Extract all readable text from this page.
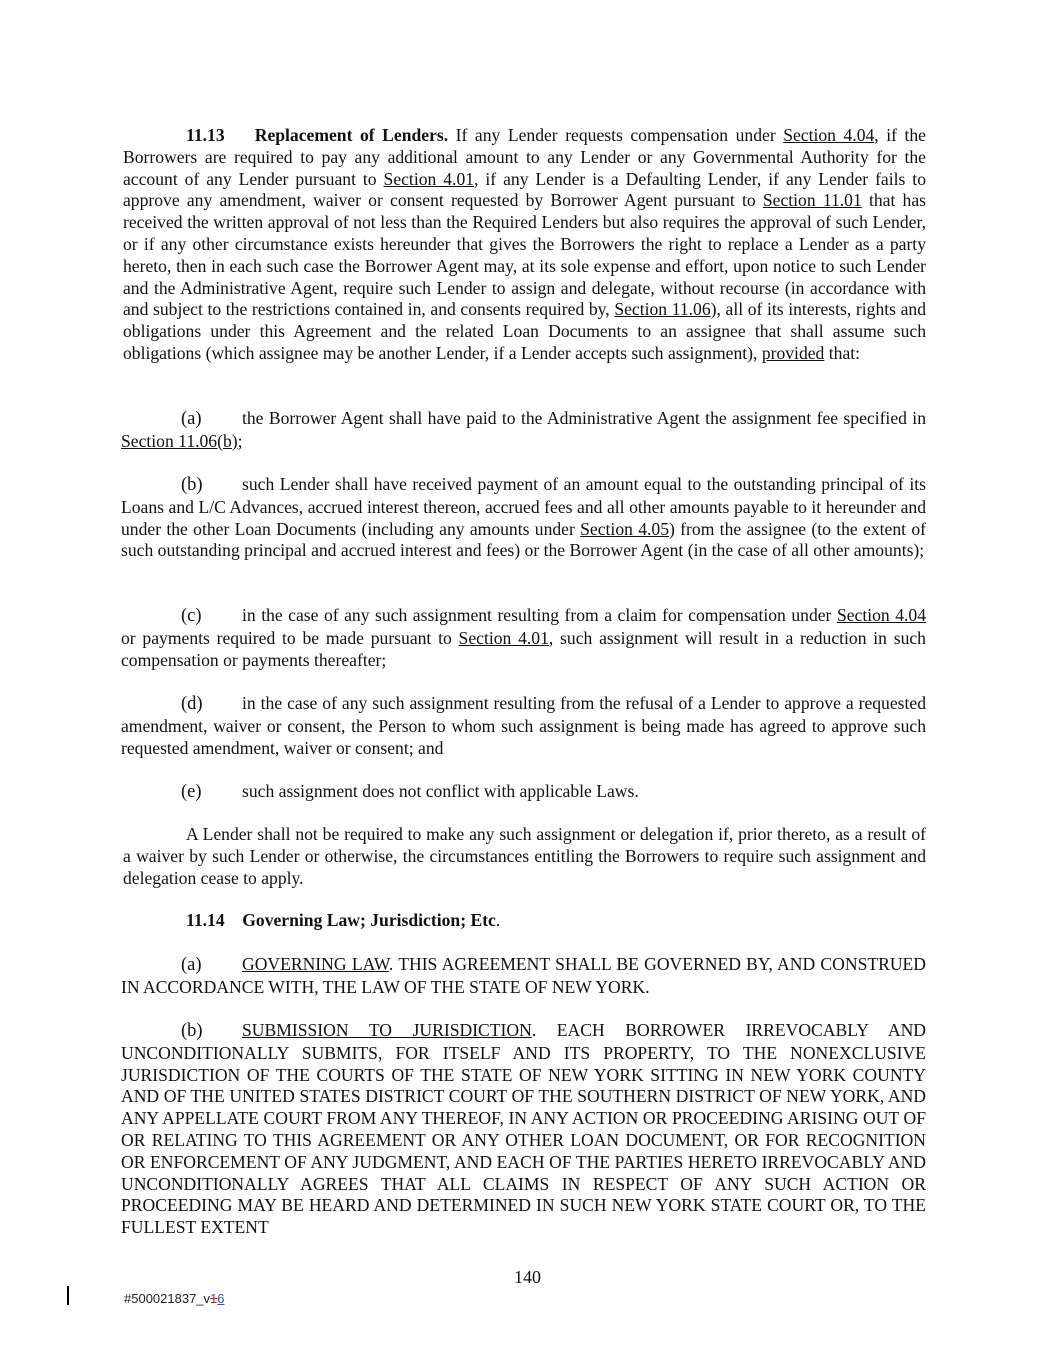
11.13 Replacement of Lenders. If any Lender requests compensation under Section 4.04, if the Borrowers are required to pay any additional amount to any Lender or any Governmental Authority for the account of any Lender pursuant to Section 4.01, if any Lender is a Defaulting Lender, if any Lender fails to approve any amendment, waiver or consent requested by Borrower Agent pursuant to Section 11.01 that has received the written approval of not less than the Required Lenders but also requires the approval of such Lender, or if any other circumstance exists hereunder that gives the Borrowers the right to replace a Lender as a party hereto, then in each such case the Borrower Agent may, at its sole expense and effort, upon notice to such Lender and the Administrative Agent, require such Lender to assign and delegate, without recourse (in accordance with and subject to the restrictions contained in, and consents required by, Section 11.06), all of its interests, rights and obligations under this Agreement and the related Loan Documents to an assignee that shall assume such obligations (which assignee may be another Lender, if a Lender accepts such assignment), provided that:

(a) the Borrower Agent shall have paid to the Administrative Agent the assignment fee specified in Section 11.06(b);

(b) such Lender shall have received payment of an amount equal to the outstanding principal of its Loans and L/C Advances, accrued interest thereon, accrued fees and all other amounts payable to it hereunder and under the other Loan Documents (including any amounts under Section 4.05) from the assignee (to the extent of such outstanding principal and accrued interest and fees) or the Borrower Agent (in the case of all other amounts);

(c) in the case of any such assignment resulting from a claim for compensation under Section 4.04 or payments required to be made pursuant to Section 4.01, such assignment will result in a reduction in such compensation or payments thereafter;

(d) in the case of any such assignment resulting from the refusal of a Lender to approve a requested amendment, waiver or consent, the Person to whom such assignment is being made has agreed to approve such requested amendment, waiver or consent; and

(e) such assignment does not conflict with applicable Laws.

A Lender shall not be required to make any such assignment or delegation if, prior thereto, as a result of a waiver by such Lender or otherwise, the circumstances entitling the Borrowers to require such assignment and delegation cease to apply.

11.14 Governing Law; Jurisdiction; Etc.

(a) GOVERNING LAW. THIS AGREEMENT SHALL BE GOVERNED BY, AND CONSTRUED IN ACCORDANCE WITH, THE LAW OF THE STATE OF NEW YORK.

(b) SUBMISSION TO JURISDICTION. EACH BORROWER IRREVOCABLY AND UNCONDITIONALLY SUBMITS, FOR ITSELF AND ITS PROPERTY, TO THE NONEXCLUSIVE JURISDICTION OF THE COURTS OF THE STATE OF NEW YORK SITTING IN NEW YORK COUNTY AND OF THE UNITED STATES DISTRICT COURT OF THE SOUTHERN DISTRICT OF NEW YORK, AND ANY APPELLATE COURT FROM ANY THEREOF, IN ANY ACTION OR PROCEEDING ARISING OUT OF OR RELATING TO THIS AGREEMENT OR ANY OTHER LOAN DOCUMENT, OR FOR RECOGNITION OR ENFORCEMENT OF ANY JUDGMENT, AND EACH OF THE PARTIES HERETO IRREVOCABLY AND UNCONDITIONALLY AGREES THAT ALL CLAIMS IN RESPECT OF ANY SUCH ACTION OR PROCEEDING MAY BE HEARD AND DETERMINED IN SUCH NEW YORK STATE COURT OR, TO THE FULLEST EXTENT

140
#500021837_v16
